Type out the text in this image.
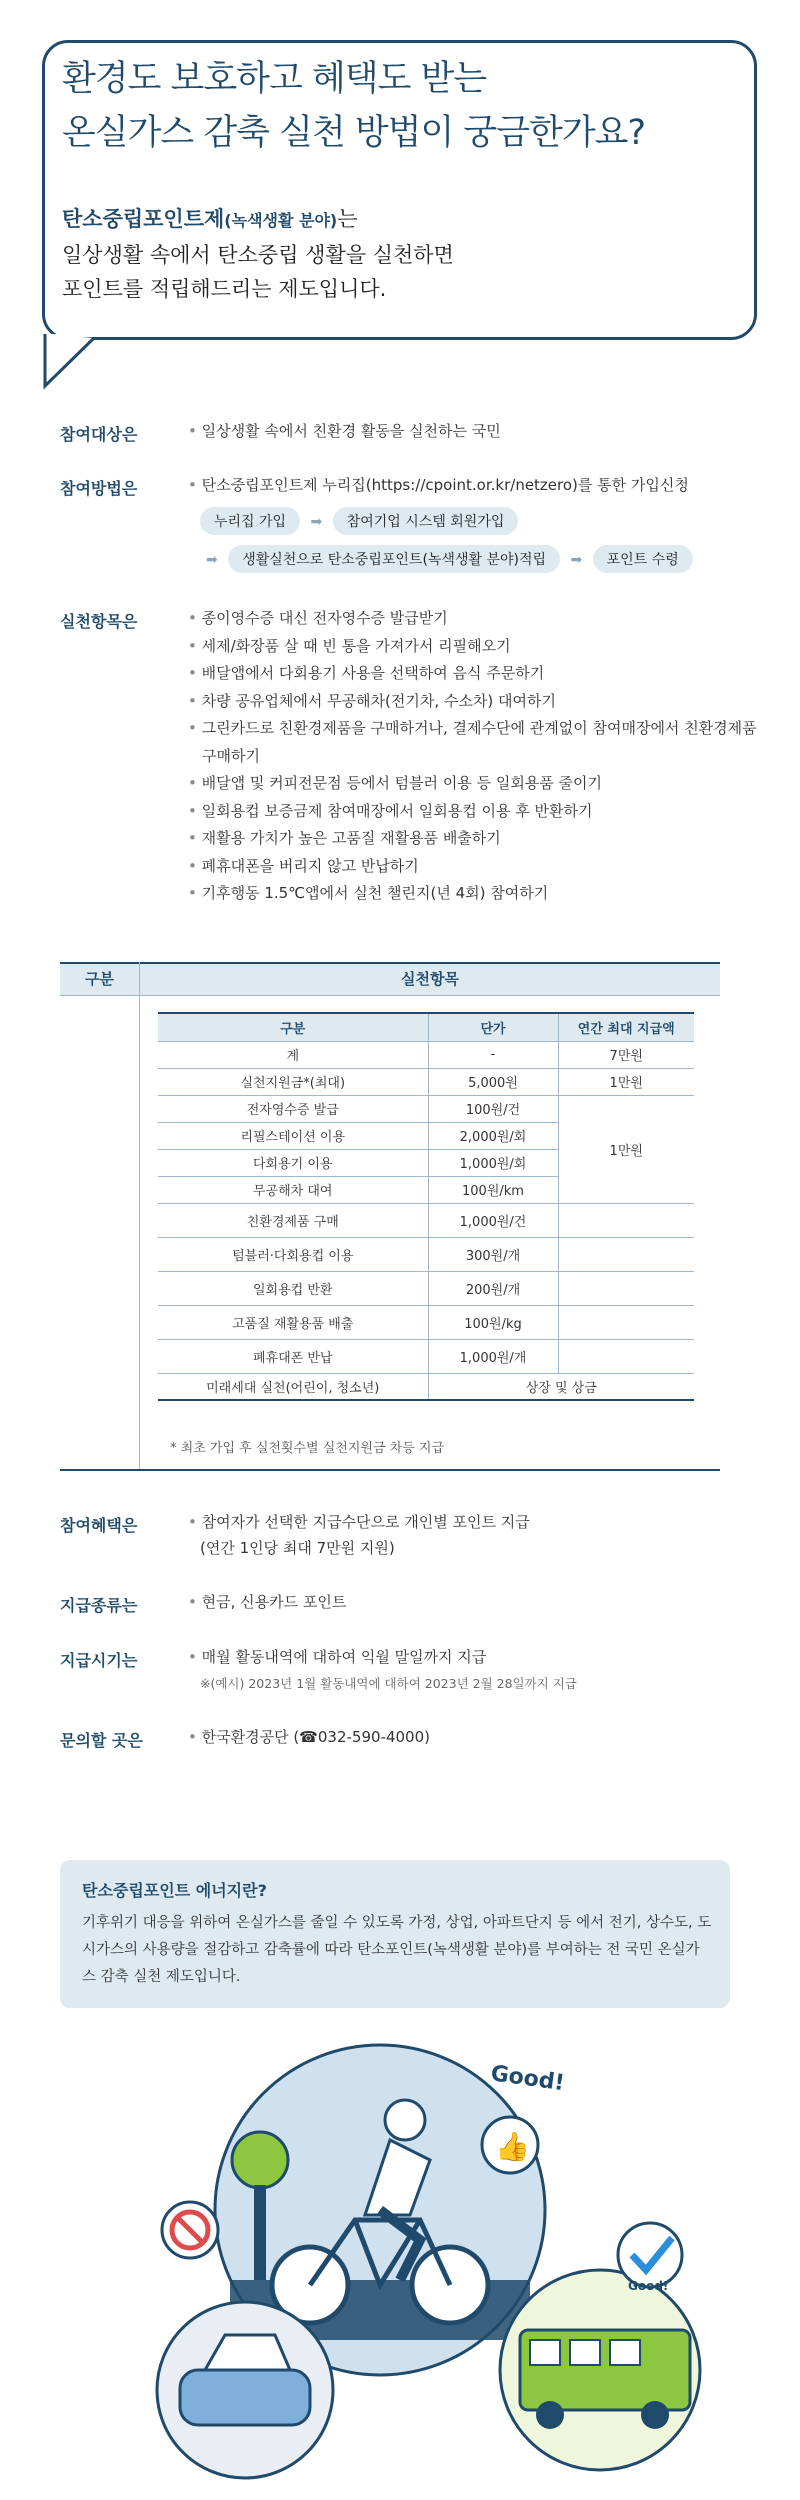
환경도 보호하고 혜택도 받는
온실가스 감축 실천 방법이 궁금한가요?
탄소중립포인트제(녹색생활 분야)는
일상생활 속에서 탄소중립 생활을 실천하면
포인트를 적립해드리는 제도입니다.
참여대상은	• 일상생활 속에서 친환경 활동을 실천하는 국민
참여방법은	• 탄소중립포인트제 누리집(https://cpoint.or.kr/netzero)를 통한 가입신청
누리집 가입 ➡ 참여기업 시스템 회원가입
➡ 생활실천으로 탄소중립포인트(녹색생활 분야)적립 ➡ 포인트 수령
실천항목은	• 종이영수증 대신 전자영수증 발급받기
• 세제/화장품 살 때 빈 통을 가져가서 리필해오기
• 배달앱에서 다회용기 사용을 선택하여 음식 주문하기
• 차량 공유업체에서 무공해차(전기차, 수소차) 대여하기
• 그린카드로 친환경제품을 구매하거나, 결제수단에 관계없이 참여매장에서 친환경제품 구매하기
• 배달앱 및 커피전문점 등에서 텀블러 이용 등 일회용품 줄이기
• 일회용컵 보증금제 참여매장에서 일회용컵 이용 후 반환하기
• 재활용 가치가 높은 고품질 재활용품 배출하기
• 폐휴대폰을 버리지 않고 반납하기
• 기후행동 1.5℃앱에서 실천 챌린지(년 4회) 참여하기
구분	실천항목
구분	단가	연간 최대 지급액
계	-	7만원
실천지원금*(최대)	5,000원	1만원
전자영수증 발급	100원/건	1만원
리필스테이션 이용	2,000원/회	
다회용기 이용	1,000원/회	
무공해차 대여	100원/km	
친환경제품 구매	1,000원/건	
텀블러·다회용컵 이용	300원/개	
일회용컵 반환	200원/개	
고품질 재활용품 배출	100원/kg	
폐휴대폰 반납	1,000원/개	
미래세대 실천(어린이, 청소년)	상장 및 상금	
* 최초 가입 후 실천횟수별 실천지원금 차등 지급
참여혜택은	• 참여자가 선택한 지급수단으로 개인별 포인트 지급
(연간 1인당 최대 7만원 지원)
지급종류는	• 현금, 신용카드 포인트
지급시기는	• 매월 활동내역에 대하여 익월 말일까지 지급
※(예시) 2023년 1월 활동내역에 대하여 2023년 2월 28일까지 지급
문의할 곳은	• 한국환경공단 (☎032-590-4000)
탄소중립포인트 에너지란?
기후위기 대응을 위하여 온실가스를 줄일 수 있도록 가정, 상업, 아파트단지 등 에서 전기, 상수도, 도시가스의 사용량을 절감하고 감축률에 따라 탄소포인트(녹색생활 분야)를 부여하는 전 국민 온실가스 감축 실천 제도입니다.
Good!
👍
Good!
